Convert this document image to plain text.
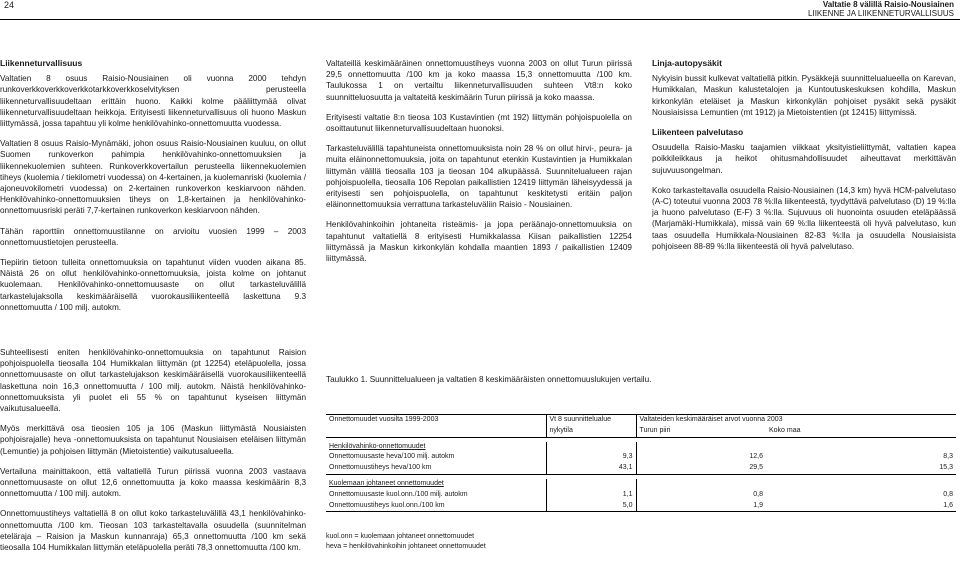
24	Valtatie 8 välillä Raisio-Nousiainen
LIIKENNE JA LIIKENNETURVALLISUUS
Liikenneturvallisuus

Valtatien 8 osuus Raisio-Nousiainen oli vuonna 2000 tehdyn runkoverkkoverkkoverkkotarkkoverkkoselvityksen perusteella liikenneturvallisuudeltaan erittäin huono. Kaikki kolme pääliittymää olivat liikenneturvallisuudeltaan heikkoja. Erityisesti liikenneturvallisuus oli huono Maskun liittymässä, jossa tapahtuu yli kolme henkilövahinko-onnettomuutta vuodessa.

Valtatien 8 osuus Raisio-Mynämäki, johon osuus Raisio-Nousiainen kuuluu, on ollut Suomen runkoverkon pahimpia henkilövahinko-onnettomuuksien ja liikennekuolemien suhteen. Runkoverkkovertailun perusteella liikennekuolemien tiheys (kuolemia / tiekilometri vuodessa) on 4-kertainen, ja kuolemanriski (kuolemia / ajoneuvokilometri vuodessa) on 2-kertainen runkoverkon keskiarvoon nähden. Henkilövahinko-onnettomuuksien tiheys on 1,8-kertainen ja henkilövahinko-onnettomuusriski peräti 7,7-kertainen runkoverkon keskiarvoon nähden.

Tähän raporttiin onnettomuustilanne on arvioitu vuosien 1999 – 2003 onnettomuustietojen perusteella.

Tiepiirin tietoon tulleita onnettomuuksia on tapahtunut viiden vuoden aikana 85. Näistä 26 on ollut henkilövahinko-onnettomuuksia, joista kolme on johtanut kuolemaan. Henkilövahinko-onnettomuusaste on ollut tarkasteluvälillä tarkastelujaksolla keskimääräisellä vuorokausiliikenteellä laskettuna 9.3 onnettomuutta / 100 milj. autokm.

Suhteellisesti eniten henkilövahinko-onnettomuuksia on tapahtunut Raision pohjoispuolella tieosalla 104 Humikkalan liittymän (pt 12254) eteläpuolella, jossa onnettomuusaste on ollut tarkastelujakson keskimääräisellä vuorokausiliikenteellä laskettuna noin 16,3 onnettomuutta / 100 milj. autokm. Näistä henkilövahinko-onnettomuuksista yli puolet eli 55 % on tapahtunut kyseisen liittymän vaikutusalueella.

Myös merkittävä osa tieosien 105 ja 106 (Maskun liittymästä Nousiaisten pohjoisrajalle) heva -onnettomuuksista on tapahtunut Nousiaisen eteläisen liittymän (Lemuntie) ja pohjoisen liittymän (Mietoistentie) vaikutusalueella.

Vertailuna mainittakoon, että valtatiellä Turun piirissä vuonna 2003 vastaava onnettomuusaste on ollut 12,6 onnettomuutta ja koko maassa keskimäärin 8,3 onnettomuutta / 100 milj. autokm.

Onnettomuustiheys valtatiellä 8 on ollut koko tarkasteluvälillä 43,1 henkilövahinko-onnettomuutta /100 km. Tieosan 103 tarkasteltavalla osuudella (suunnitelman eteläraja – Raision ja Maskun kunnanraja) 65,3 onnettomuutta /100 km sekä tieosalla 104 Humikkalan liittymän eteläpuolella peräti 78,3 onnettomuutta /100 km.

Valtateillä keskimääräinen onnettomuustiheys vuonna 2003 on ollut Turun piirissä 29,5 onnettomuutta /100 km ja koko maassa 15,3 onnettomuutta /100 km. Taulukossa 1 on vertailtu liikenneturvallisuuden suhteen Vt8:n koko suunnitteluosuutta ja valtateitä keskimäärin Turun piirissä ja koko maassa.

Erityisesti valtatie 8:n tieosa 103 Kustavintien (mt 192) liittymän pohjoispuolella on osoittautunut liikenneturvallisuudeltaan huonoksi.

Tarkasteluvälillä tapahtuneista onnettomuuksista noin 28 % on ollut hirvi-, peura- ja muita eläinonnettomuuksia, joita on tapahtunut etenkin Kustavintien ja Humikkalan liittymän välillä tieosalla 103 ja tieosan 104 alkupäässä. Suunnitelualueen rajan pohjoispuolella, tieosalla 106 Repolan paikallistien 12419 liittymän läheisyydessä ja erityisesti sen pohjoispuolella, on tapahtunut keskitetysti eritäin paljon eläinonnettomuuksia verrattuna tarkasteluväliin Raisio - Nousiainen.

Henkilövahinkoihin johtaneita risteämis- ja jopa peräänajo-onnettomuuksia on tapahtunut valtatiellä 8 erityisesti Humikkalassa Kiisan paikallistien 12254 liittymässä ja Maskun kirkonkylän kohdalla maantien 1893 / paikallistien 12409 liittymässä.

Linja-autopysäkit

Nykyisin bussit kulkevat valtatiellä pitkin. Pysäkkejä suunnittelualueella on Karevan, Humikkalan, Maskun kalustetalojen ja Kuntoutuskeskuksen kohdilla, Maskun kirkonkylän eteläiset ja Maskun kirkonkylän pohjoiset pysäkit sekä pysäkit Nousiaisissa Lemuntien (mt 1912) ja Mietoistentien (pt 12415) liittymissä.

Liikenteen palvelutaso

Osuudella Raisio-Masku taajamien viikkaat yksityistieliittymät, valtatien kapea poikkileikkaus ja heikot ohitusmahdollisuudet aiheuttavat merkittävän sujuvuusongelman.

Koko tarkasteltavalla osuudella Raisio-Nousiainen (14,3 km) hyvä HCM-palvelutaso (A-C) toteutui vuonna 2003 78 %:lla liikenteestä, tyydyttävä palvelutaso (D) 19 %:lla ja huono palvelutaso (E-F) 3 %:lla. Sujuvuus oli huonointa osuuden eteläpäässä (Marjamäki-Humikkala), missä vain 69 %:lla liikenteestä oli hyvä palvelutaso, kun taas osuudella Humikkala-Nousiainen 82-83 %:lla ja osuudella Nousiaisista pohjoiseen 88-89 %:lla liikenteestä oli hyvä palvelutaso.

Taulukko 1. Suunnittelualueen ja valtatien 8 keskimääräisten onnettomuuslukujen vertailu.
Onnettomuudet vuosilta 1999-2003	Vt 8 suunnittelualue	Valtateiden keskimääräiset arvot vuonna 2003		
	nykytila	Turun piiri	Koko maa	

Henkilövahinko-onnettomuudet				
Onnettomuusaste heva/100 milj. autokm	9,3	12,6		8,3
Onnettomuustiheys heva/100 km	43,1	29,5		15,3

Kuolemaan johtaneet onnettomuudet				
Onnettomuusaste kuol.onn./100 milj. autokm	1,1	0,8		0,8
Onnettomuustiheys kuol.onn./100 km	5,0	1,9		1,6
kuol.onn = kuolemaan johtaneet onnettomuudet
heva = henkilövahinkoihin johtaneet onnettomuudet
